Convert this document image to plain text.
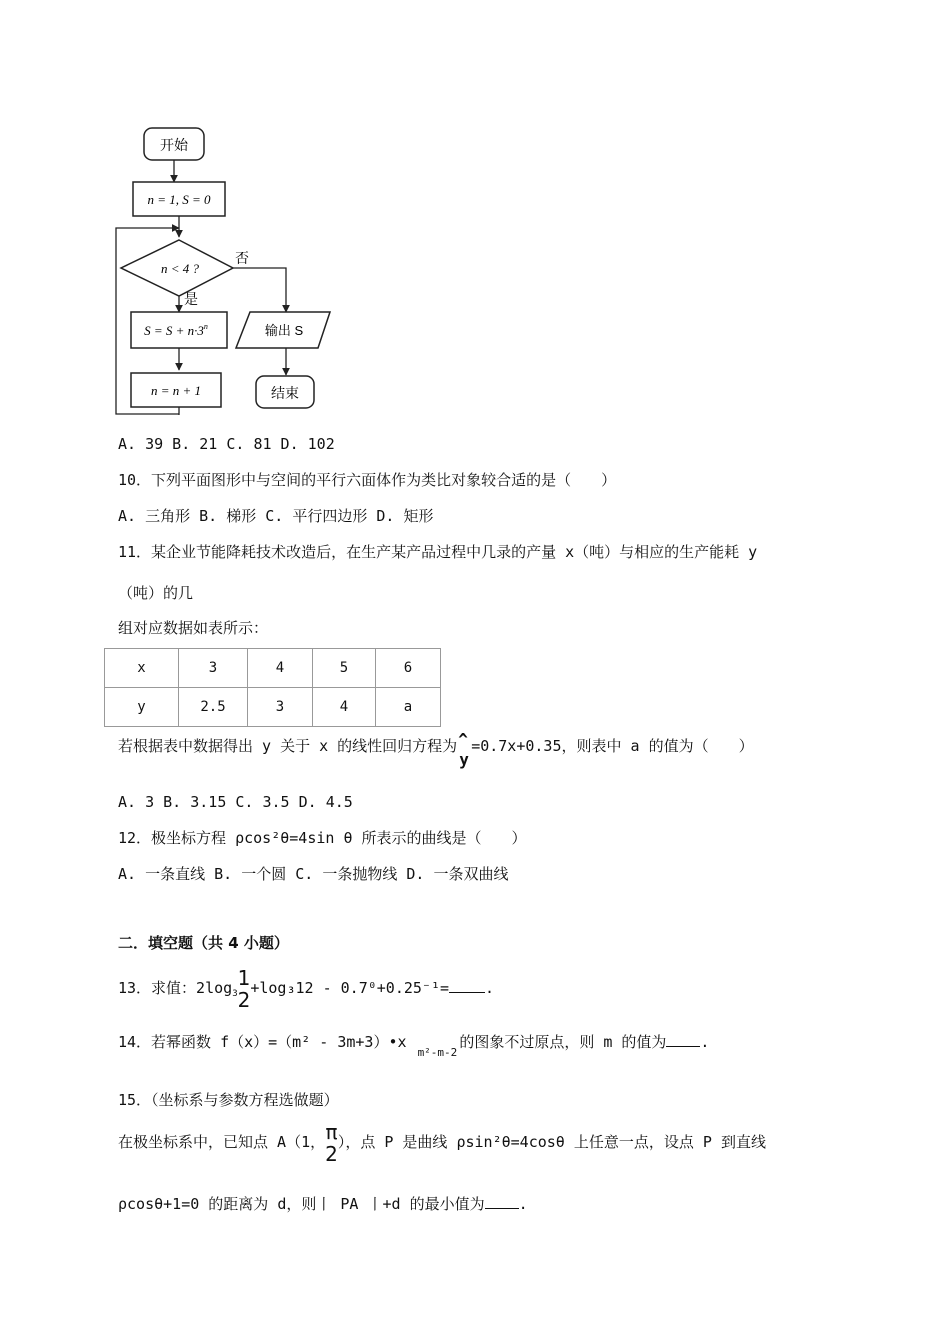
开始
n = 1, S = 0
n < 4 ?
否
是
$S = S + n\cdot 3^n$	输出 S
n = n + 1	结束
A. 39 B. 21 C. 81 D. 102
10．下列平面图形中与空间的平行六面体作为类比对象较合适的是（　　）
A. 三角形 B. 梯形 C. 平行四边形 D. 矩形
11．某企业节能降耗技术改造后，在生产某产品过程中几录的产量 x（吨）与相应的生产能耗 y
（吨）的几
组对应数据如表所示：
x	3	4	5	6
y	2.5	3	4	a
若根据表中数据得出 y 关于 x 的线性回归方程为 ^
y
=0.7x+0.35，则表中 a 的值为（　　）
A. 3 B. 3.15 C. 3.5 D. 4.5
12．极坐标方程 ρcos²θ=4sin θ 所表示的曲线是（　　）
A. 一条直线 B. 一个圆 C. 一条抛物线 D. 一条双曲线
二．填空题（共 4 小题）
13．求值：$2\log_3$
1
2 +log₃12 - 0.7⁰+0.25⁻¹= .
14．若幂函数 f（x）=（m² - 3m+3）•x m²-m-2的图象不过原点，则 m 的值为 .
15．（坐标系与参数方程选做题）
在极坐标系中，已知点 A（1， π
2 ），点 P 是曲线 ρsin²θ=4cosθ 上任意一点，设点 P 到直线
ρcosθ+1=0 的距离为 d，则丨 PA 丨+d 的最小值为 .
